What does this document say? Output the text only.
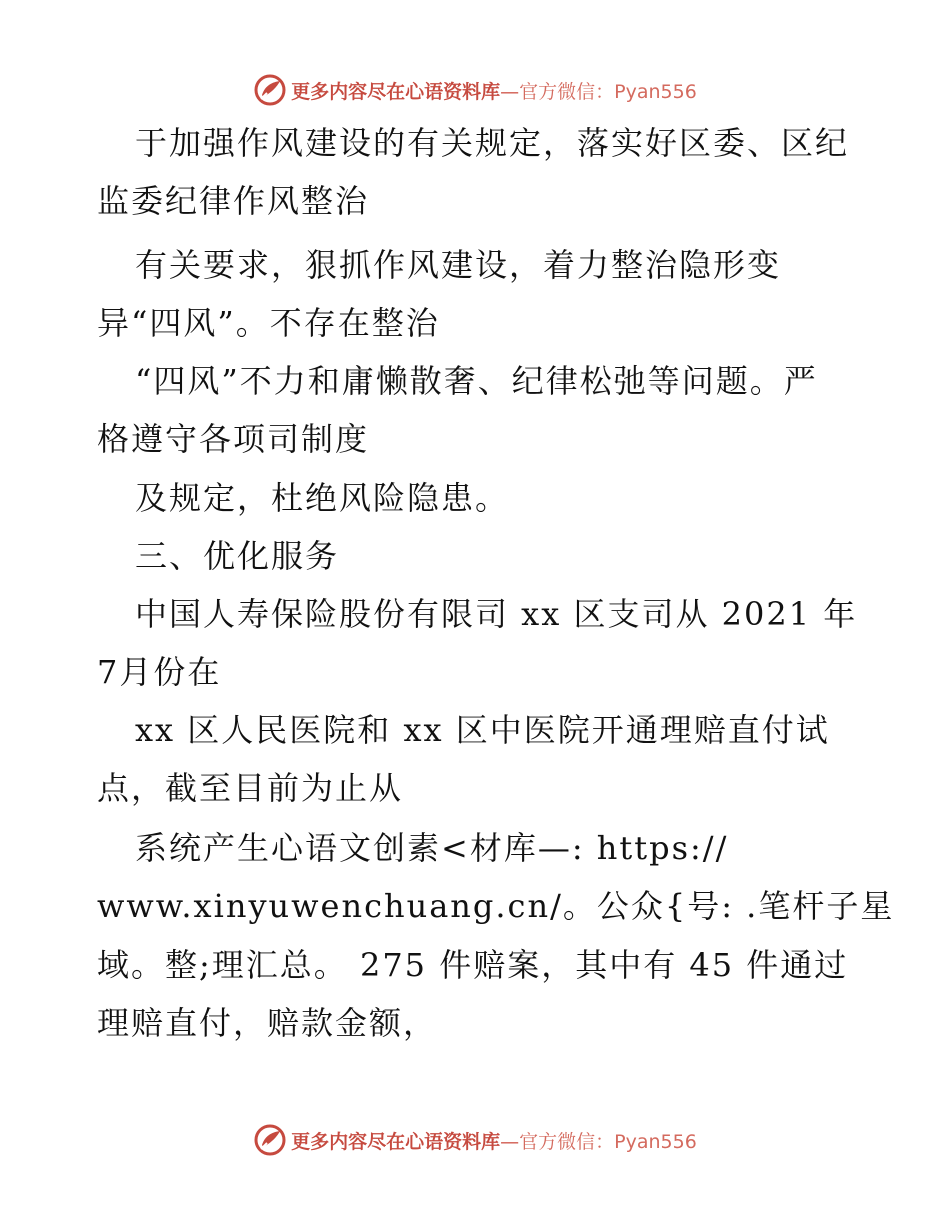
更多内容尽在心语资料库—官方微信：Pyan556
于加强作风建设的有关规定，落实好区委、区纪
监委纪律作风整治
有关要求，狠抓作风建设，着力整治隐形变
异“四风”。不存在整治
“四风”不力和庸懒散奢、纪律松弛等问题。严
格遵守各项司制度
及规定，杜绝风险隐患。
三、优化服务
中国人寿保险股份有限司 xx 区支司从 2021 年
7月份在
xx 区人民医院和 xx 区中医院开通理赔直付试
点，截至目前为止从
系统产生心语文创素<材库—: https://
www.xinyuwenchuang.cn/。公众{号: .笔杆子星
域。整;理汇总。 275 件赔案，其中有 45 件通过
理赔直付，赔款金额，
更多内容尽在心语资料库—官方微信：Pyan556
